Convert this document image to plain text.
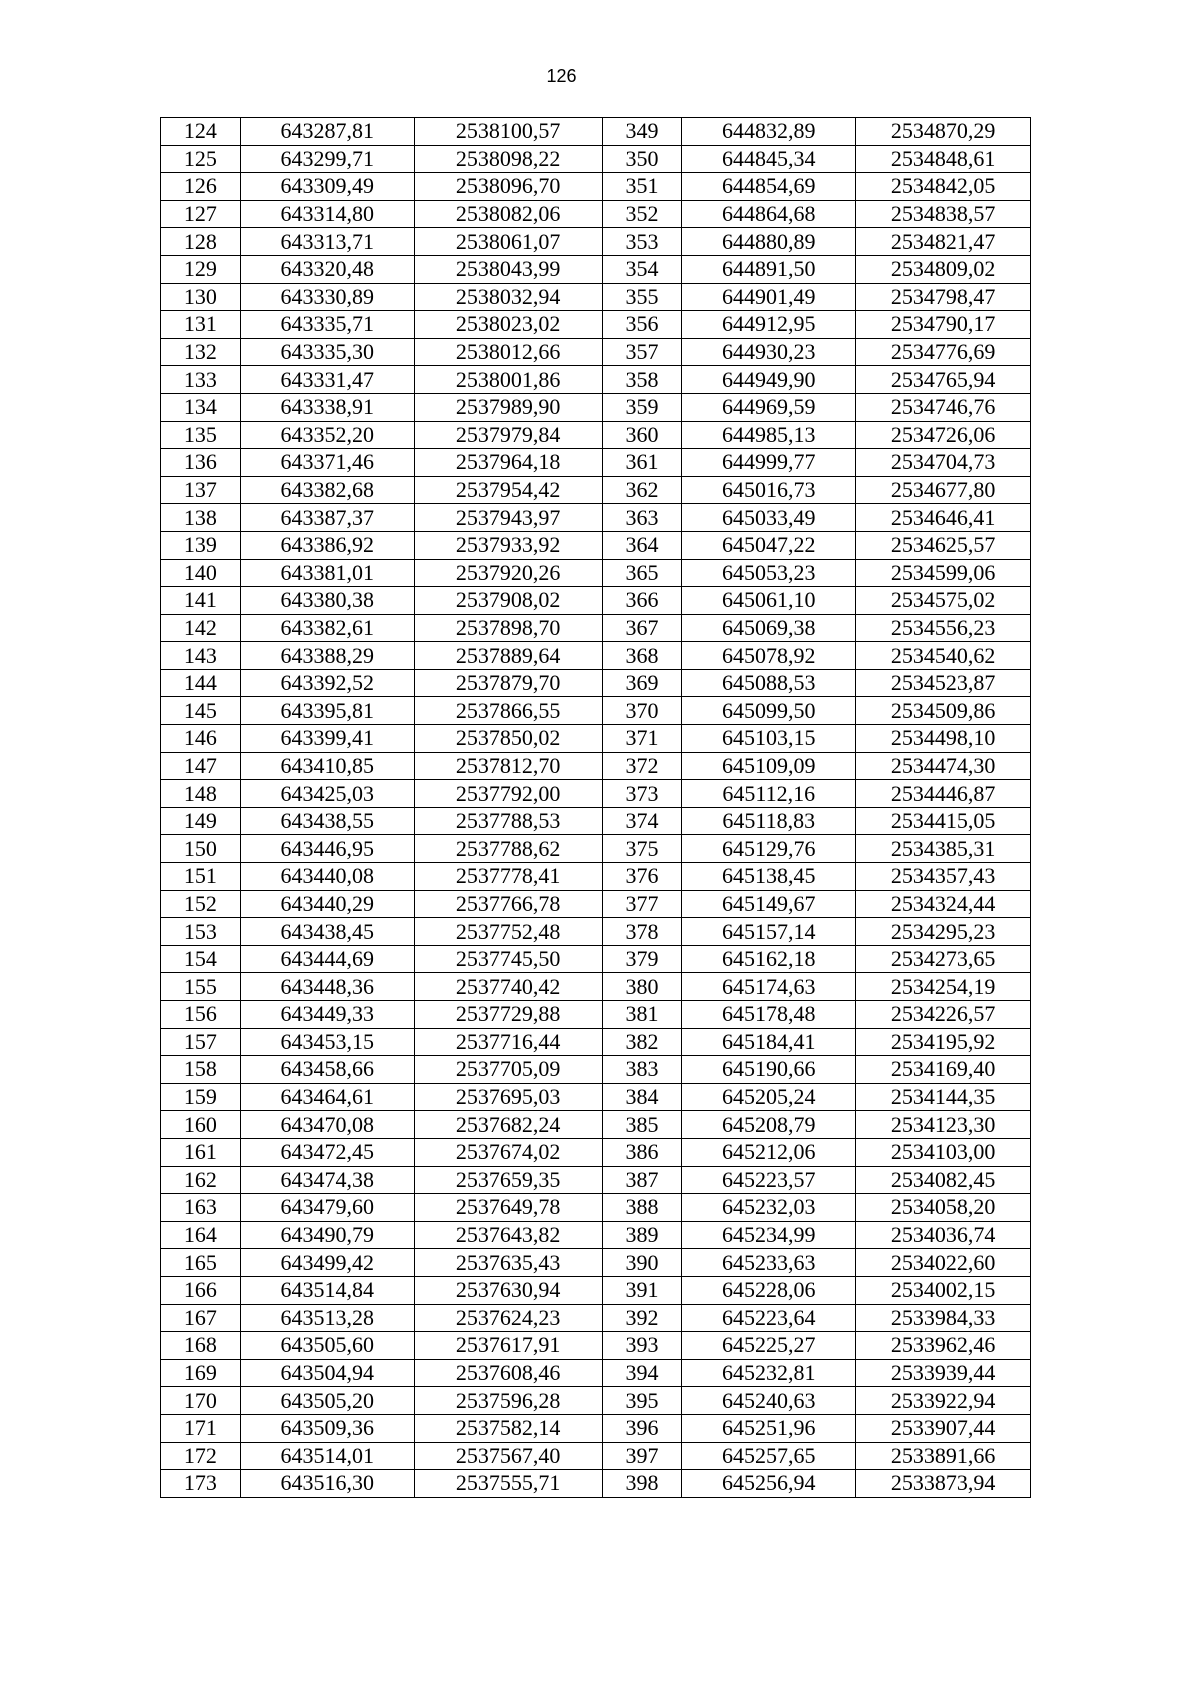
126
124	643287,81	2538100,57	349	644832,89	2534870,29
125	643299,71	2538098,22	350	644845,34	2534848,61
126	643309,49	2538096,70	351	644854,69	2534842,05
127	643314,80	2538082,06	352	644864,68	2534838,57
128	643313,71	2538061,07	353	644880,89	2534821,47
129	643320,48	2538043,99	354	644891,50	2534809,02
130	643330,89	2538032,94	355	644901,49	2534798,47
131	643335,71	2538023,02	356	644912,95	2534790,17
132	643335,30	2538012,66	357	644930,23	2534776,69
133	643331,47	2538001,86	358	644949,90	2534765,94
134	643338,91	2537989,90	359	644969,59	2534746,76
135	643352,20	2537979,84	360	644985,13	2534726,06
136	643371,46	2537964,18	361	644999,77	2534704,73
137	643382,68	2537954,42	362	645016,73	2534677,80
138	643387,37	2537943,97	363	645033,49	2534646,41
139	643386,92	2537933,92	364	645047,22	2534625,57
140	643381,01	2537920,26	365	645053,23	2534599,06
141	643380,38	2537908,02	366	645061,10	2534575,02
142	643382,61	2537898,70	367	645069,38	2534556,23
143	643388,29	2537889,64	368	645078,92	2534540,62
144	643392,52	2537879,70	369	645088,53	2534523,87
145	643395,81	2537866,55	370	645099,50	2534509,86
146	643399,41	2537850,02	371	645103,15	2534498,10
147	643410,85	2537812,70	372	645109,09	2534474,30
148	643425,03	2537792,00	373	645112,16	2534446,87
149	643438,55	2537788,53	374	645118,83	2534415,05
150	643446,95	2537788,62	375	645129,76	2534385,31
151	643440,08	2537778,41	376	645138,45	2534357,43
152	643440,29	2537766,78	377	645149,67	2534324,44
153	643438,45	2537752,48	378	645157,14	2534295,23
154	643444,69	2537745,50	379	645162,18	2534273,65
155	643448,36	2537740,42	380	645174,63	2534254,19
156	643449,33	2537729,88	381	645178,48	2534226,57
157	643453,15	2537716,44	382	645184,41	2534195,92
158	643458,66	2537705,09	383	645190,66	2534169,40
159	643464,61	2537695,03	384	645205,24	2534144,35
160	643470,08	2537682,24	385	645208,79	2534123,30
161	643472,45	2537674,02	386	645212,06	2534103,00
162	643474,38	2537659,35	387	645223,57	2534082,45
163	643479,60	2537649,78	388	645232,03	2534058,20
164	643490,79	2537643,82	389	645234,99	2534036,74
165	643499,42	2537635,43	390	645233,63	2534022,60
166	643514,84	2537630,94	391	645228,06	2534002,15
167	643513,28	2537624,23	392	645223,64	2533984,33
168	643505,60	2537617,91	393	645225,27	2533962,46
169	643504,94	2537608,46	394	645232,81	2533939,44
170	643505,20	2537596,28	395	645240,63	2533922,94
171	643509,36	2537582,14	396	645251,96	2533907,44
172	643514,01	2537567,40	397	645257,65	2533891,66
173	643516,30	2537555,71	398	645256,94	2533873,94
